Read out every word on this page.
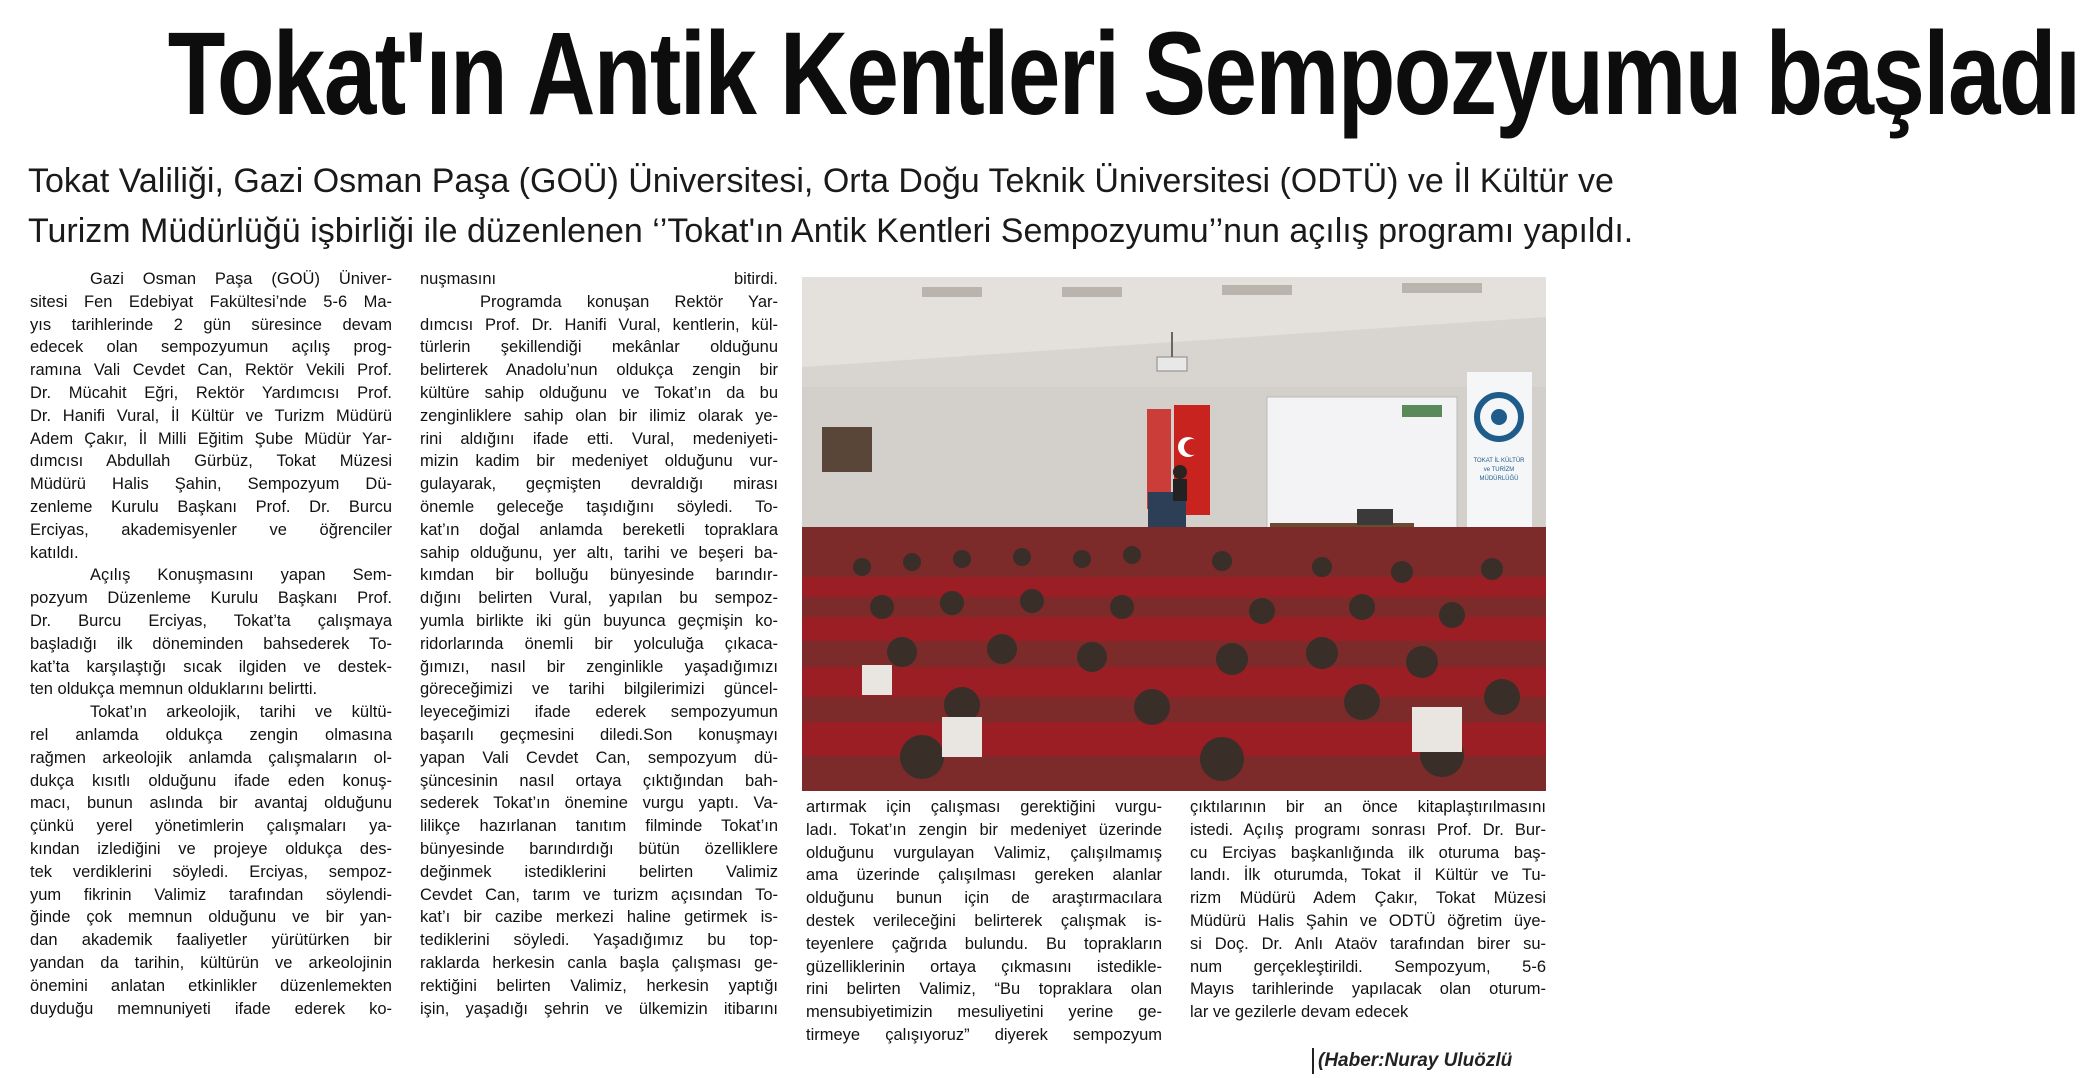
Tokat'ın Antik Kentleri Sempozyumu başladı
Tokat Valiliği, Gazi Osman Paşa (GOÜ) Üniversitesi, Orta Doğu Teknik Üniversitesi (ODTÜ) ve İl Kültür ve
Turizm Müdürlüğü işbirliği ile düzenlenen ‘’Tokat'ın Antik Kentleri Sempozyumu’’nun açılış programı yapıldı.

Gazi Osman Paşa (GOÜ) Üniver-

sitesi Fen Edebiyat Fakültesi’nde 5-6 Ma-

yıs tarihlerinde 2 gün süresince devam

edecek olan sempozyumun açılış prog-

ramına Vali Cevdet Can, Rektör Vekili Prof.

Dr. Mücahit Eğri, Rektör Yardımcısı Prof.

Dr. Hanifi Vural, İl Kültür ve Turizm Müdürü

Adem Çakır, İl Milli Eğitim Şube Müdür Yar-

dımcısı Abdullah Gürbüz, Tokat Müzesi

Müdürü Halis Şahin, Sempozyum Dü-

zenleme Kurulu Başkanı Prof. Dr. Burcu

Erciyas, akademisyenler ve öğrenciler

katıldı.

Açılış Konuşmasını yapan Sem-

pozyum Düzenleme Kurulu Başkanı Prof.

Dr. Burcu Erciyas, Tokat’ta çalışmaya

başladığı ilk döneminden bahsederek To-

kat’ta karşılaştığı sıcak ilgiden ve destek-

ten oldukça memnun olduklarını belirtti.

Tokat’ın arkeolojik, tarihi ve kültü-

rel anlamda oldukça zengin olmasına

rağmen arkeolojik anlamda çalışmaların ol-

dukça kısıtlı olduğunu ifade eden konuş-

macı, bunun aslında bir avantaj olduğunu

çünkü yerel yönetimlerin çalışmaları ya-

kından izlediğini ve projeye oldukça des-

tek verdiklerini söyledi. Erciyas, sempoz-

yum fikrinin Valimiz tarafından söylendi-

ğinde çok memnun olduğunu ve bir yan-

dan akademik faaliyetler yürütürken bir

yandan da tarihin, kültürün ve arkeolojinin

önemini anlatan etkinlikler düzenlemekten

duyduğu memnuniyeti ifade ederek ko-

nuşmasını bitirdi.

Programda konuşan Rektör Yar-

dımcısı Prof. Dr. Hanifi Vural, kentlerin, kül-

türlerin şekillendiği mekânlar olduğunu

belirterek Anadolu’nun oldukça zengin bir

kültüre sahip olduğunu ve Tokat’ın da bu

zenginliklere sahip olan bir ilimiz olarak ye-

rini aldığını ifade etti. Vural, medeniyeti-

mizin kadim bir medeniyet olduğunu vur-

gulayarak, geçmişten devraldığı mirası

önemle geleceğe taşıdığını söyledi. To-

kat’ın doğal anlamda bereketli topraklara

sahip olduğunu, yer altı, tarihi ve beşeri ba-

kımdan bir bolluğu bünyesinde barındır-

dığını belirten Vural, yapılan bu sempoz-

yumla birlikte iki gün buyunca geçmişin ko-

ridorlarında önemli bir yolculuğa çıkaca-

ğımızı, nasıl bir zenginlikle yaşadığımızı

göreceğimizi ve tarihi bilgilerimizi güncel-

leyeceğimizi ifade ederek sempozyumun

başarılı geçmesini diledi.Son konuşmayı

yapan Vali Cevdet Can, sempozyum dü-

şüncesinin nasıl ortaya çıktığından bah-

sederek Tokat’ın önemine vurgu yaptı. Va-

lilikçe hazırlanan tanıtım filminde Tokat’ın

bünyesinde barındırdığı bütün özelliklere

değinmek istediklerini belirten Valimiz

Cevdet Can, tarım ve turizm açısından To-

kat’ı bir cazibe merkezi haline getirmek is-

tediklerini söyledi. Yaşadığımız bu top-

raklarda herkesin canla başla çalışması ge-

rektiğini belirten Valimiz, herkesin yaptığı

işin, yaşadığı şehrin ve ülkemizin itibarını

artırmak için çalışması gerektiğini vurgu-

ladı. Tokat’ın zengin bir medeniyet üzerinde

olduğunu vurgulayan Valimiz, çalışılmamış

ama üzerinde çalışılması gereken alanlar

olduğunu bunun için de araştırmacılara

destek verileceğini belirterek çalışmak is-

teyenlere çağrıda bulundu. Bu toprakların

güzelliklerinin ortaya çıkmasını istedikle-

rini belirten Valimiz, “Bu topraklara olan

mensubiyetimizin mesuliyetini yerine ge-

tirmeye çalışıyoruz” diyerek sempozyum

çıktılarının bir an önce kitaplaştırılmasını

istedi. Açılış programı sonrası Prof. Dr. Bur-

cu Erciyas başkanlığında ilk oturuma baş-

landı. İlk oturumda, Tokat il Kültür ve Tu-

rizm Müdürü Adem Çakır, Tokat Müzesi

Müdürü Halis Şahin ve ODTÜ öğretim üye-

si Doç. Dr. Anlı Ataöv tarafından birer su-

num gerçekleştirildi. Sempozyum, 5-6

Mayıs tarihlerinde yapılacak olan oturum-

lar ve gezilerle devam edecek

TOKAT İL KÜLTÜR
ve TURİZM
MÜDÜRLÜĞÜ
(Haber:Nuray Uluözlü
